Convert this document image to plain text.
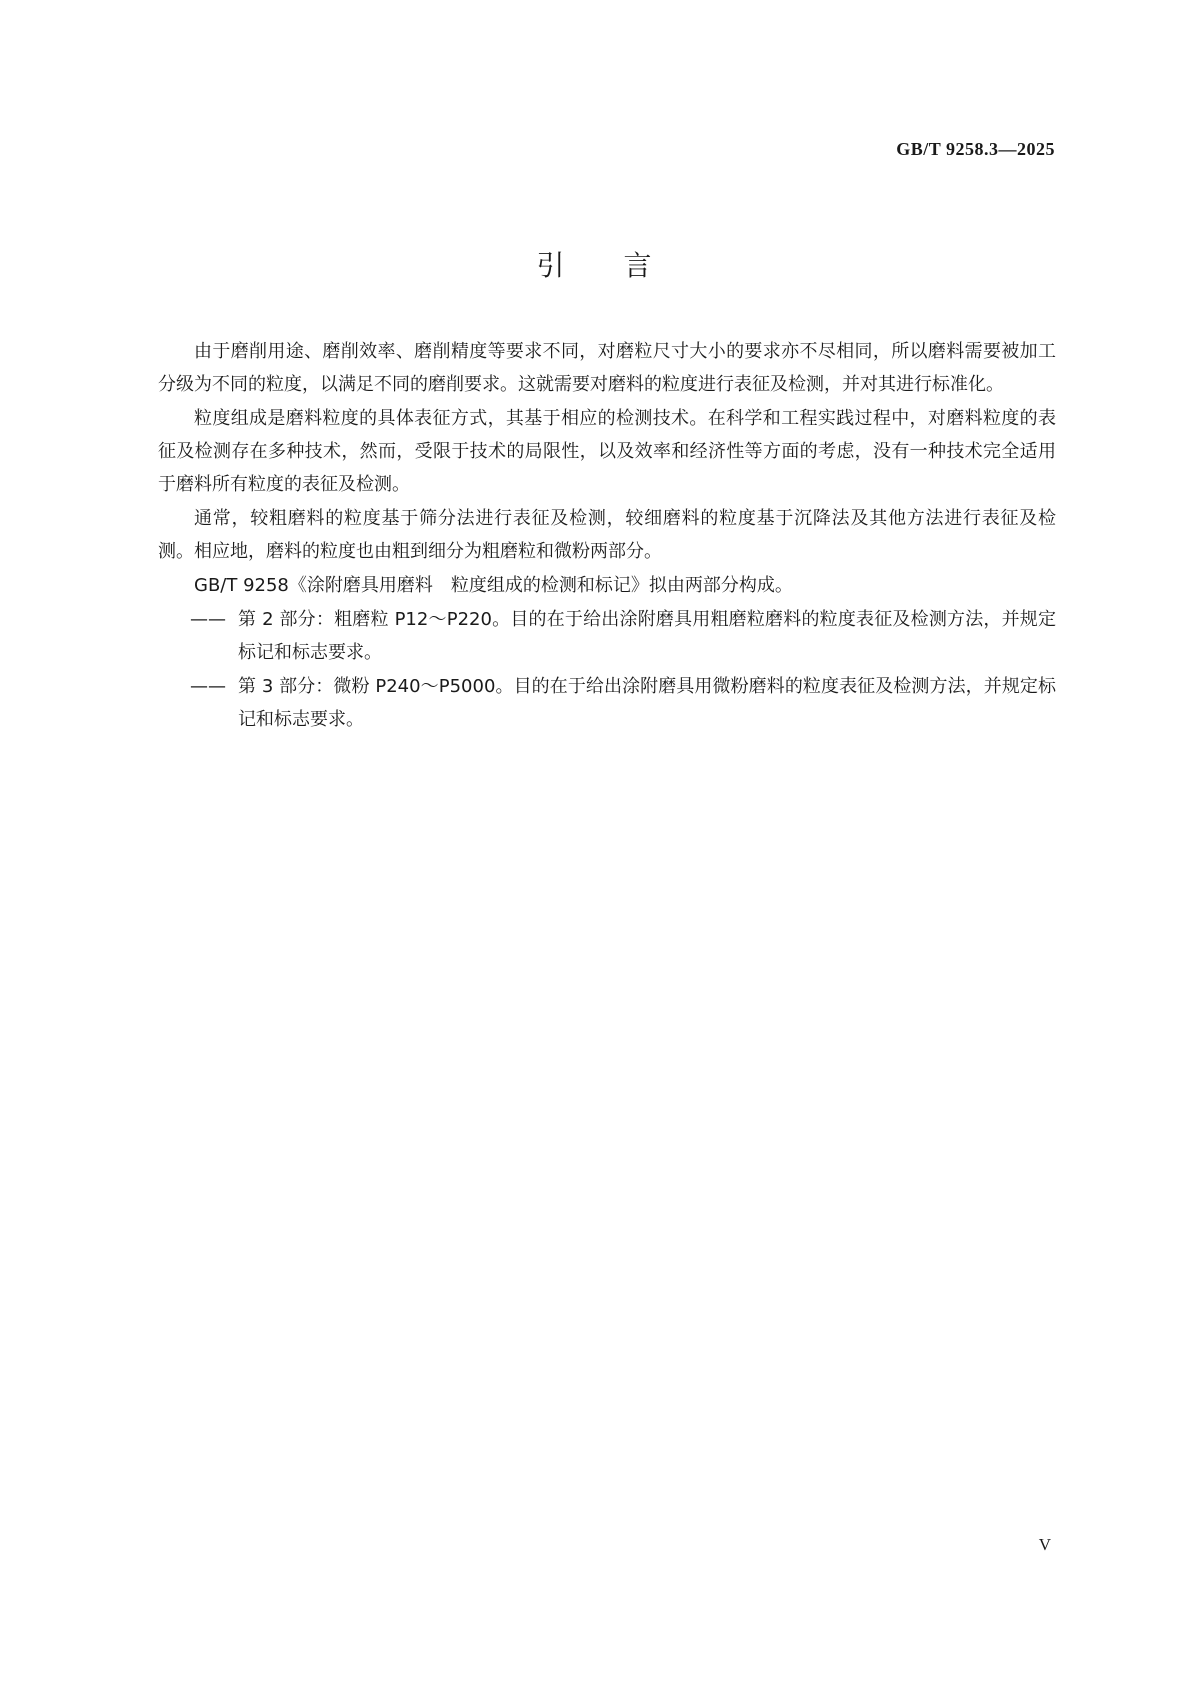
GB/T 9258.3—2025
引 言

由于磨削用途、磨削效率、磨削精度等要求不同，对磨粒尺寸大小的要求亦不尽相同，所以磨料需要被加工分级为不同的粒度，以满足不同的磨削要求。这就需要对磨料的粒度进行表征及检测，并对其进行标准化。

粒度组成是磨料粒度的具体表征方式，其基于相应的检测技术。在科学和工程实践过程中，对磨料粒度的表征及检测存在多种技术，然而，受限于技术的局限性，以及效率和经济性等方面的考虑，没有一种技术完全适用于磨料所有粒度的表征及检测。

通常，较粗磨料的粒度基于筛分法进行表征及检测，较细磨料的粒度基于沉降法及其他方法进行表征及检测。相应地，磨料的粒度也由粗到细分为粗磨粒和微粉两部分。

GB/T 9258《涂附磨具用磨料　粒度组成的检测和标记》拟由两部分构成。

—— 第 2 部分：粗磨粒 P12～P220。目的在于给出涂附磨具用粗磨粒磨料的粒度表征及检测方法，并规定标记和标志要求。
—— 第 3 部分：微粉 P240～P5000。目的在于给出涂附磨具用微粉磨料的粒度表征及检测方法，并规定标记和标志要求。
V
